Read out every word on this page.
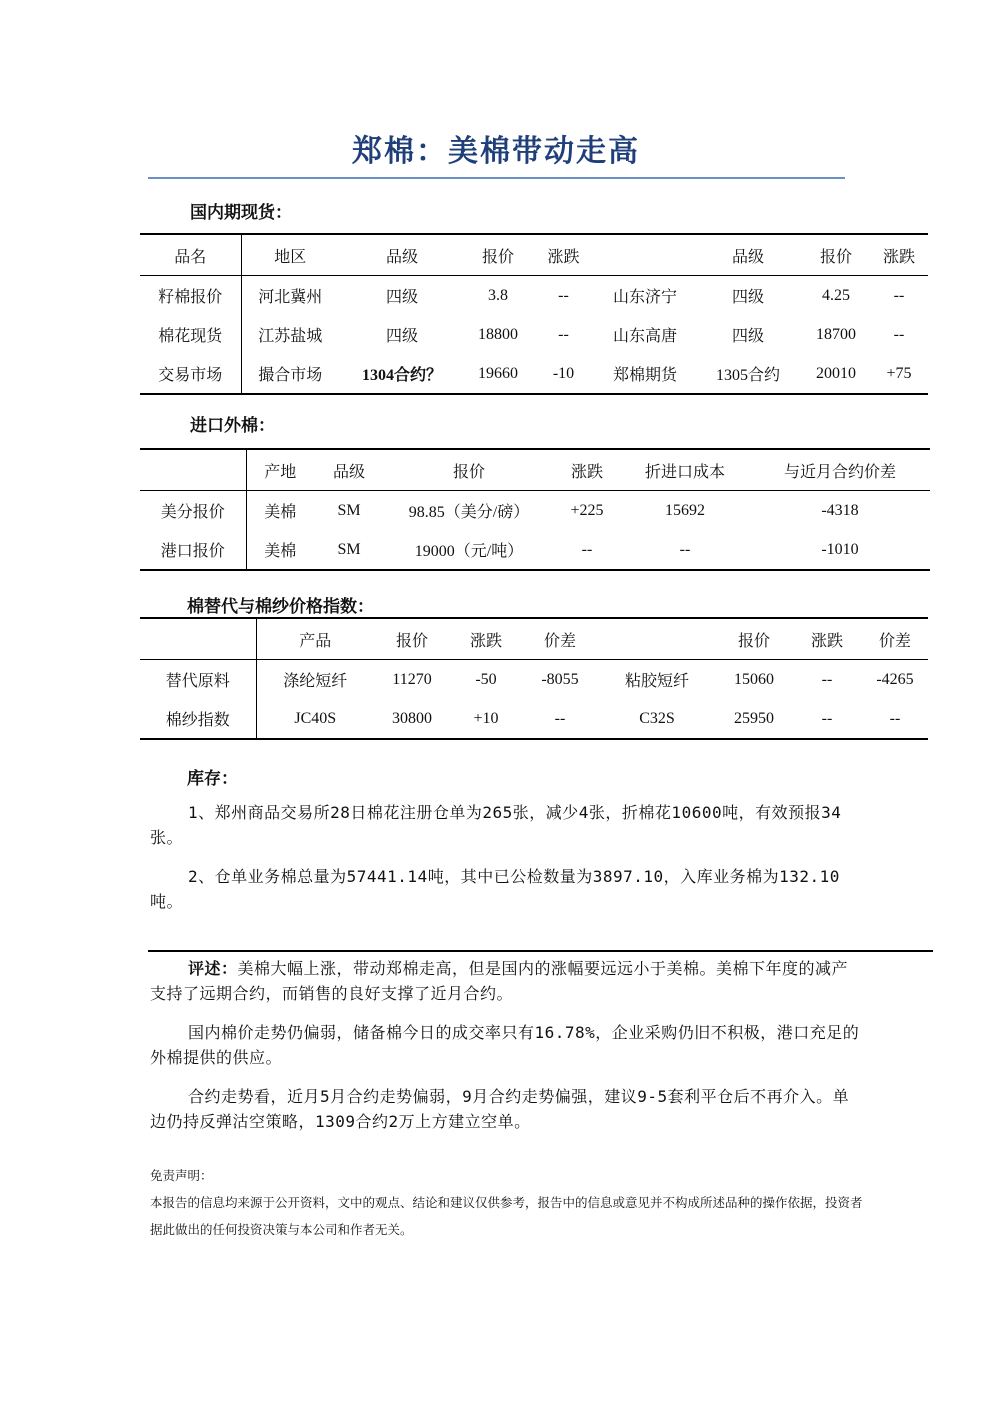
郑棉：美棉带动走高
国内期现货：
品名	地区	品级	报价	涨跌		品级	报价	涨跌
籽棉报价	河北冀州	四级	3.8	--	山东济宁	四级	4.25	--
棉花现货	江苏盐城	四级	18800	--	山东高唐	四级	18700	--
交易市场	撮合市场	1304合约？	19660	-10	郑棉期货	1305合约	20010	+75
进口外棉：
	产地	品级	报价	涨跌	折进口成本	与近月合约价差
美分报价	美棉	SM	98.85（美分/磅）	+225	15692	-4318
港口报价	美棉	SM	19000（元/吨）	--	--	-1010
棉替代与棉纱价格指数：
	产品	报价	涨跌	价差		报价	涨跌	价差
替代原料	涤纶短纤	11270	-50	-8055	粘胶短纤	15060	--	-4265
棉纱指数	JC40S	30800	+10	--	C32S	25950	--	--
库存：

1、郑州商品交易所28日棉花注册仓单为265张，减少4张，折棉花10600吨，有效预报34张。

2、仓单业务棉总量为57441.14吨，其中已公检数量为3897.10，入库业务棉为132.10吨。

评述：美棉大幅上涨，带动郑棉走高，但是国内的涨幅要远远小于美棉。美棉下年度的减产支持了远期合约，而销售的良好支撑了近月合约。

国内棉价走势仍偏弱，储备棉今日的成交率只有16.78%，企业采购仍旧不积极，港口充足的外棉提供的供应。

合约走势看，近月5月合约走势偏弱，9月合约走势偏强，建议9-5套利平仓后不再介入。单边仍持反弹沽空策略，1309合约2万上方建立空单。

免责声明：
本报告的信息均来源于公开资料，文中的观点、结论和建议仅供参考，报告中的信息或意见并不构成所述品种的操作依据，投资者据此做出的任何投资决策与本公司和作者无关。
